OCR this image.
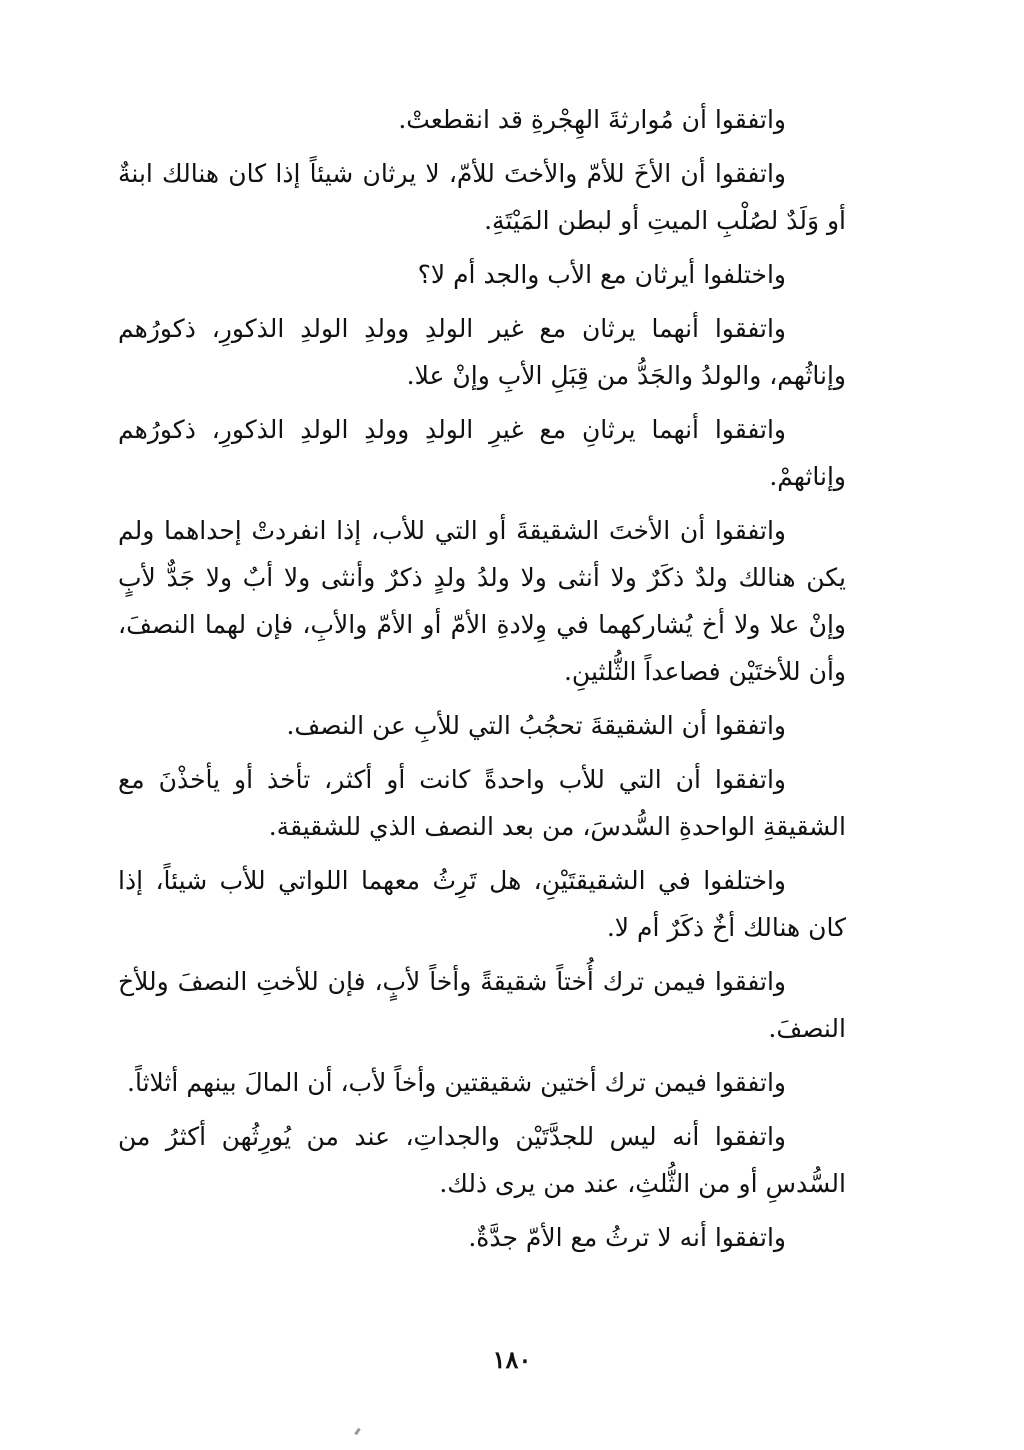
واتفقوا أن مُوارثةَ الهِجْرةِ قد انقطعتْ.

واتفقوا أن الأخَ للأمّ والأختَ للأمّ، لا يرثان شيئاً إذا كان هنالك ابنةٌ أو وَلَدٌ لصُلْبِ الميتِ أو لبطن المَيْتَةِ.

واختلفوا أيرثان مع الأب والجد أم لا؟

واتفقوا أنهما يرثان مع غير الولدِ وولدِ الولدِ الذكورِ، ذكورُهم وإناثُهم، والولدُ والجَدُّ من قِبَلِ الأبِ وإنْ علا.

واتفقوا أنهما يرثانِ مع غيرِ الولدِ وولدِ الولدِ الذكورِ، ذكورُهم وإناثهمْ.

واتفقوا أن الأختَ الشقيقةَ أو التي للأب، إذا انفردتْ إحداهما ولم يكن هنالك ولدٌ ذكَرٌ ولا أنثى ولا ولدُ ولدٍ ذكرٌ وأنثى ولا أبٌ ولا جَدٌّ لأبٍ وإنْ علا ولا أخ يُشاركهما في وِلادةِ الأمّ أو الأمّ والأبِ، فإن لهما النصفَ، وأن للأختَيْن فصاعداً الثُّلثينِ.

واتفقوا أن الشقيقةَ تحجُبُ التي للأبِ عن النصف.

واتفقوا أن التي للأب واحدةً كانت أو أكثر، تأخذ أو يأخذْنَ مع الشقيقةِ الواحدةِ السُّدسَ، من بعد النصف الذي للشقيقة.

واختلفوا في الشقيقتَيْنِ، هل تَرِثُ معهما اللواتي للأب شيئاً، إذا كان هنالك أخٌ ذكَرٌ أم لا.

واتفقوا فيمن ترك أُختاً شقيقةً وأخاً لأبٍ، فإن للأختِ النصفَ وللأخ النصفَ.

واتفقوا فيمن ترك أختين شقيقتين وأخاً لأب، أن المالَ بينهم أثلاثاً.

واتفقوا أنه ليس للجدَّتَيْن والجداتِ، عند من يُورِثُهن أكثرُ من السُّدسِ أو من الثُّلثِ، عند من يرى ذلك.

واتفقوا أنه لا ترثُ مع الأمّ جدَّةٌ.

١٨٠
